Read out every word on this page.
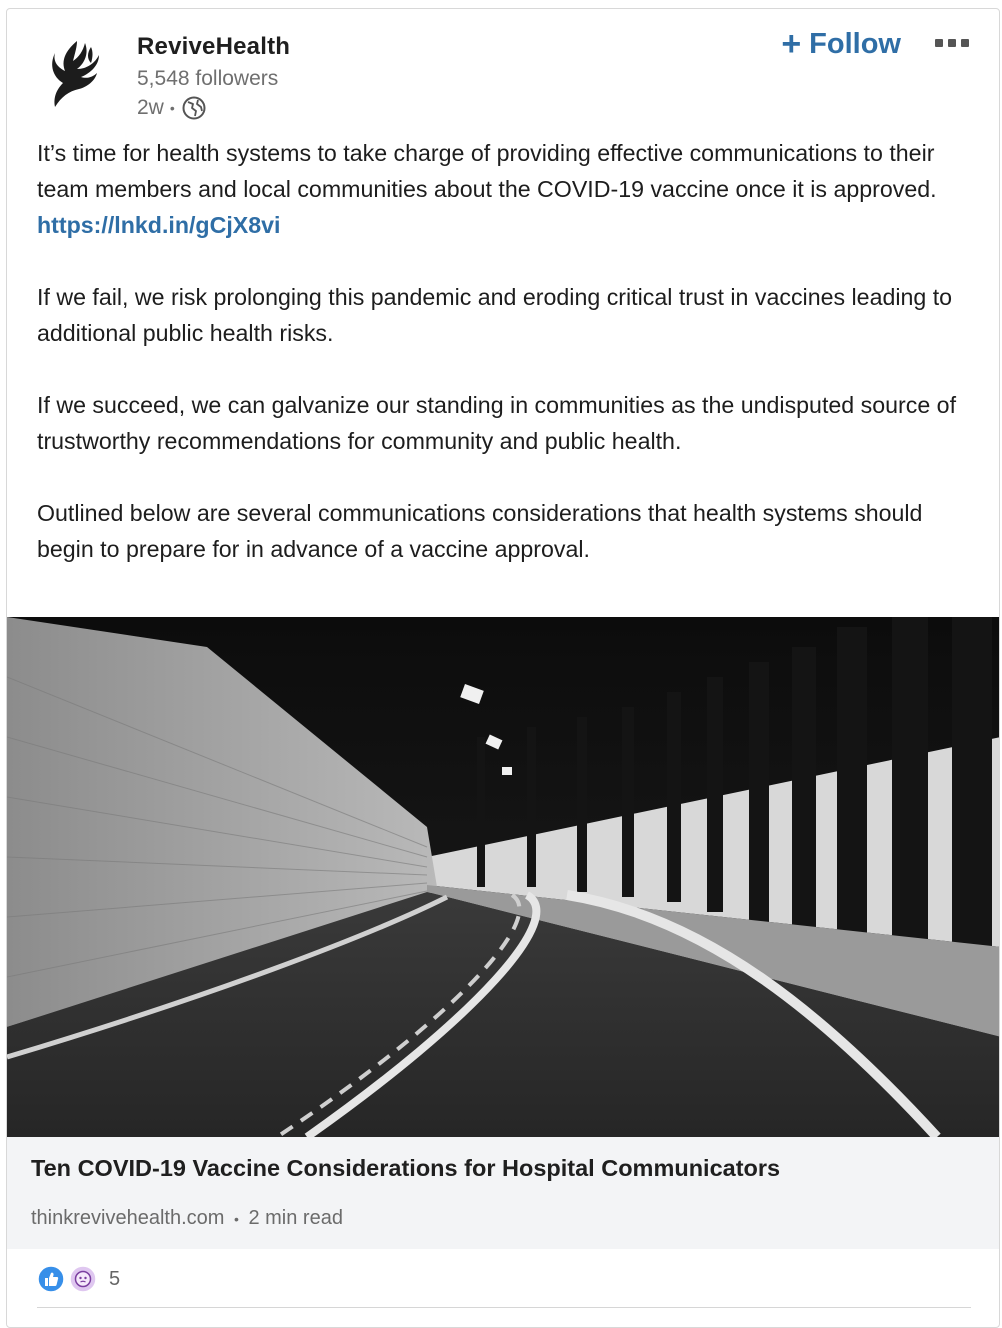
ReviveHealth
5,548 followers
2w •
+ Follow

It’s time for health systems to take charge of providing effective communications to their team members and local communities about the COVID-19 vaccine once it is approved. https://lnkd.in/gCjX8vi

If we fail, we risk prolonging this pandemic and eroding critical trust in vaccines leading to additional public health risks.

If we succeed, we can galvanize our standing in communities as the undisputed source of trustworthy recommendations for community and public health.

Outlined below are several communications considerations that health systems should begin to prepare for in advance of a vaccine approval.

Ten COVID-19 Vaccine Considerations for Hospital Communicators
thinkrevivehealth.com • 2 min read
5
